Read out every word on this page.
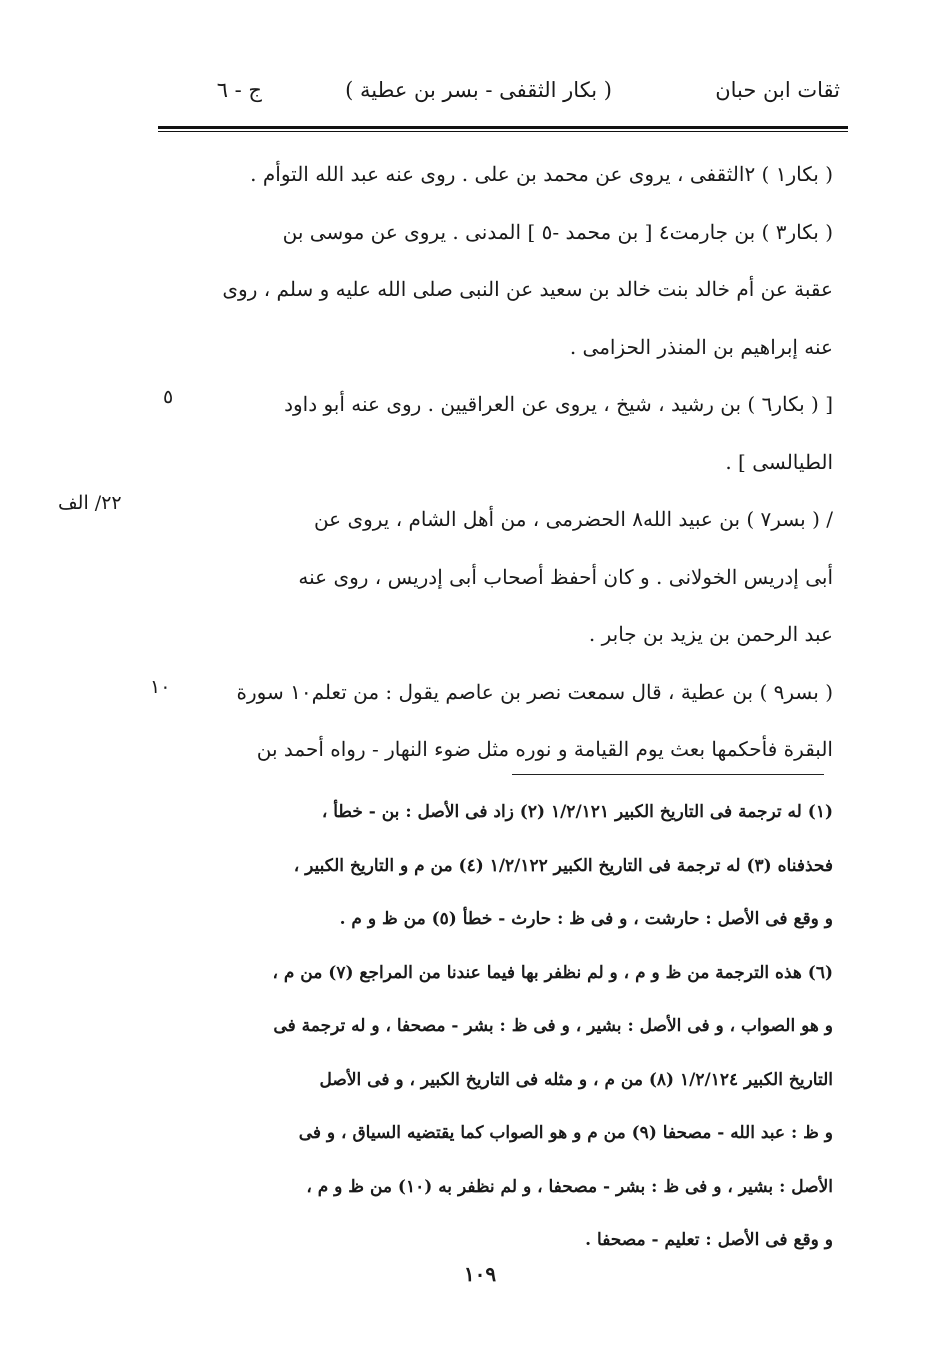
ثقات ابن حبان
( بكار الثقفى - بسر بن عطية )
ج - ٦
( بكار١ ) ٢الثقفى ، يروى عن محمد بن على . روى عنه عبد الله التوأم .
( بكار٣ ) بن جارمت٤ [ بن محمد -٥ ] المدنى . يروى عن موسى بن
عقبة عن أم خالد بنت خالد بن سعيد عن النبى صلى الله عليه و سلم ، روى
عنه إبراهيم بن المنذر الحزامى .
[ ( بكار٦ ) بن رشيد ، شيخ ، يروى عن العراقيين . روى عنه أبو داود
الطيالسى ] .
/ ( بسر٧ ) بن عبيد الله٨ الحضرمى ، من أهل الشام ، يروى عن
أبى إدريس الخولانى . و كان أحفظ أصحاب أبى إدريس ، روى عنه
عبد الرحمن بن يزيد بن جابر .
( بسر٩ ) بن عطية ، قال سمعت نصر بن عاصم يقول : من تعلم١٠ سورة
البقرة فأحكمها بعث يوم القيامة و نوره مثل ضوء النهار - رواه أحمد بن
٥
٢٢/ الف
١٠
(١) له ترجمة فى التاريخ الكبير ١/٢/١٢١ (٢) زاد فى الأصل : بن - خطأ ،
فحذفناه (٣) له ترجمة فى التاريخ الكبير ١/٢/١٢٢ (٤) من م و التاريخ الكبير ،
و وقع فى الأصل : حارشت ، و فى ظ : حارث - خطأ (٥) من ظ و م .
(٦) هذه الترجمة من ظ و م ، و لم نظفر بها فيما عندنا من المراجع (٧) من م ،
و هو الصواب ، و فى الأصل : بشير ، و فى ظ : بشر - مصحفا ، و له ترجمة فى
التاريخ الكبير ١/٢/١٢٤ (٨) من م ، و مثله فى التاريخ الكبير ، و فى الأصل
و ظ : عبد الله - مصحفا (٩) من م و هو الصواب كما يقتضيه السياق ، و فى
الأصل : بشير ، و فى ظ : بشر - مصحفا ، و لم نظفر به (١٠) من ظ و م ،
و وقع فى الأصل : تعليم - مصحفا .
١٠٩
